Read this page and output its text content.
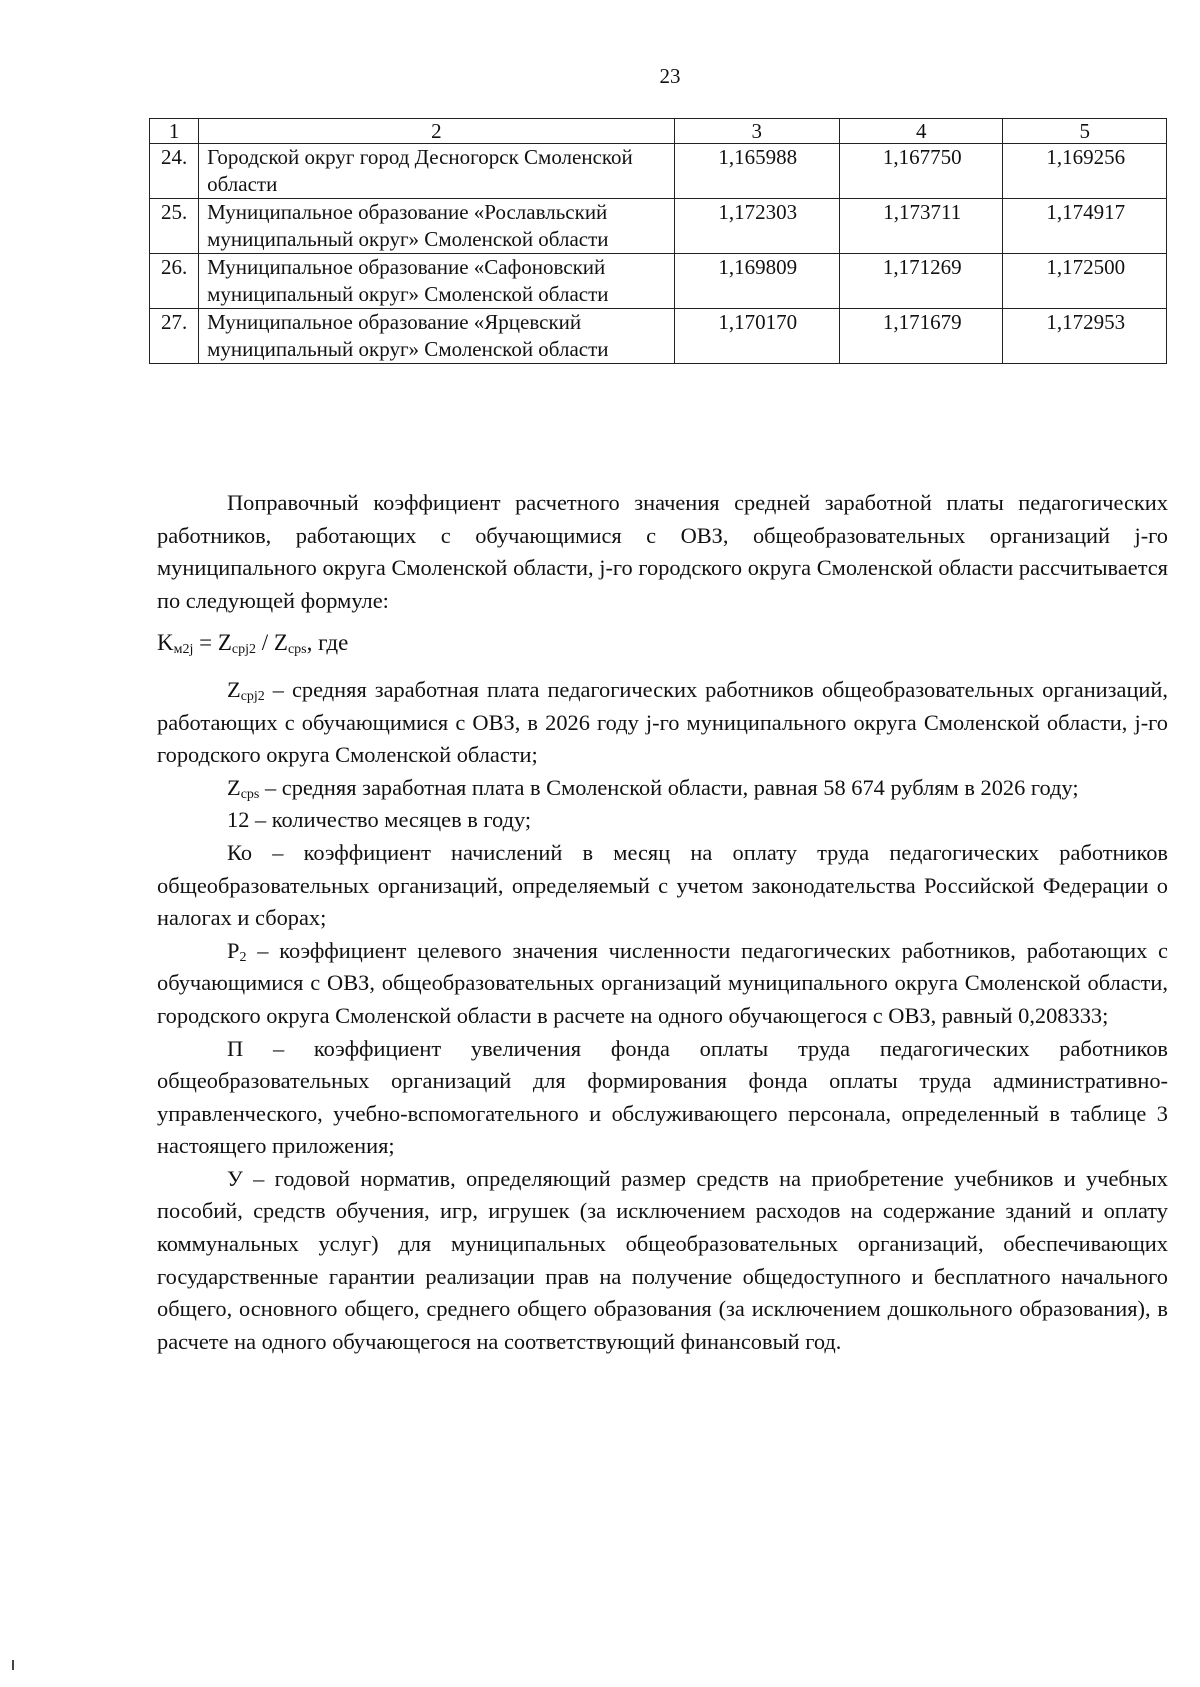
23
1	2	3	4	5
24.	Городской округ город Десногорск Смоленской области	1,165988	1,167750	1,169256
25.	Муниципальное образование «Рославльский муниципальный округ» Смоленской области	1,172303	1,173711	1,174917
26.	Муниципальное образование «Сафоновский муниципальный округ» Смоленской области	1,169809	1,171269	1,172500
27.	Муниципальное образование «Ярцевский муниципальный округ» Смоленской области	1,170170	1,171679	1,172953

Поправочный коэффициент расчетного значения средней заработной платы педагогических работников, работающих с обучающимися с ОВЗ, общеобразовательных организаций j-го муниципального округа Смоленской области, j-го городского округа Смоленской области рассчитывается по следующей формуле:

$K_{м2j} = Z_{срj2} / Z_{срs}$, где

$Z_{срj2}$ – средняя заработная плата педагогических работников общеобразовательных организаций, работающих с обучающимися с ОВЗ, в 2026 году j-го муниципального округа Смоленской области, j-го городского округа Смоленской области;

$Z_{срs}$ – средняя заработная плата в Смоленской области, равная 58 674 рублям в 2026 году;

12 – количество месяцев в году;

Ко – коэффициент начислений в месяц на оплату труда педагогических работников общеобразовательных организаций, определяемый с учетом законодательства Российской Федерации о налогах и сборах;

$Р_2$ – коэффициент целевого значения численности педагогических работников, работающих с обучающимися с ОВЗ, общеобразовательных организаций муниципального округа Смоленской области, городского округа Смоленской области в расчете на одного обучающегося с ОВЗ, равный 0,208333;

П – коэффициент увеличения фонда оплаты труда педагогических работников общеобразовательных организаций для формирования фонда оплаты труда административно-управленческого, учебно-вспомогательного и обслуживающего персонала, определенный в таблице 3 настоящего приложения;

У – годовой норматив, определяющий размер средств на приобретение учебников и учебных пособий, средств обучения, игр, игрушек (за исключением расходов на содержание зданий и оплату коммунальных услуг) для муниципальных общеобразовательных организаций, обеспечивающих государственные гарантии реализации прав на получение общедоступного и бесплатного начального общего, основного общего, среднего общего образования (за исключением дошкольного образования), в расчете на одного обучающегося на соответствующий финансовый год.
